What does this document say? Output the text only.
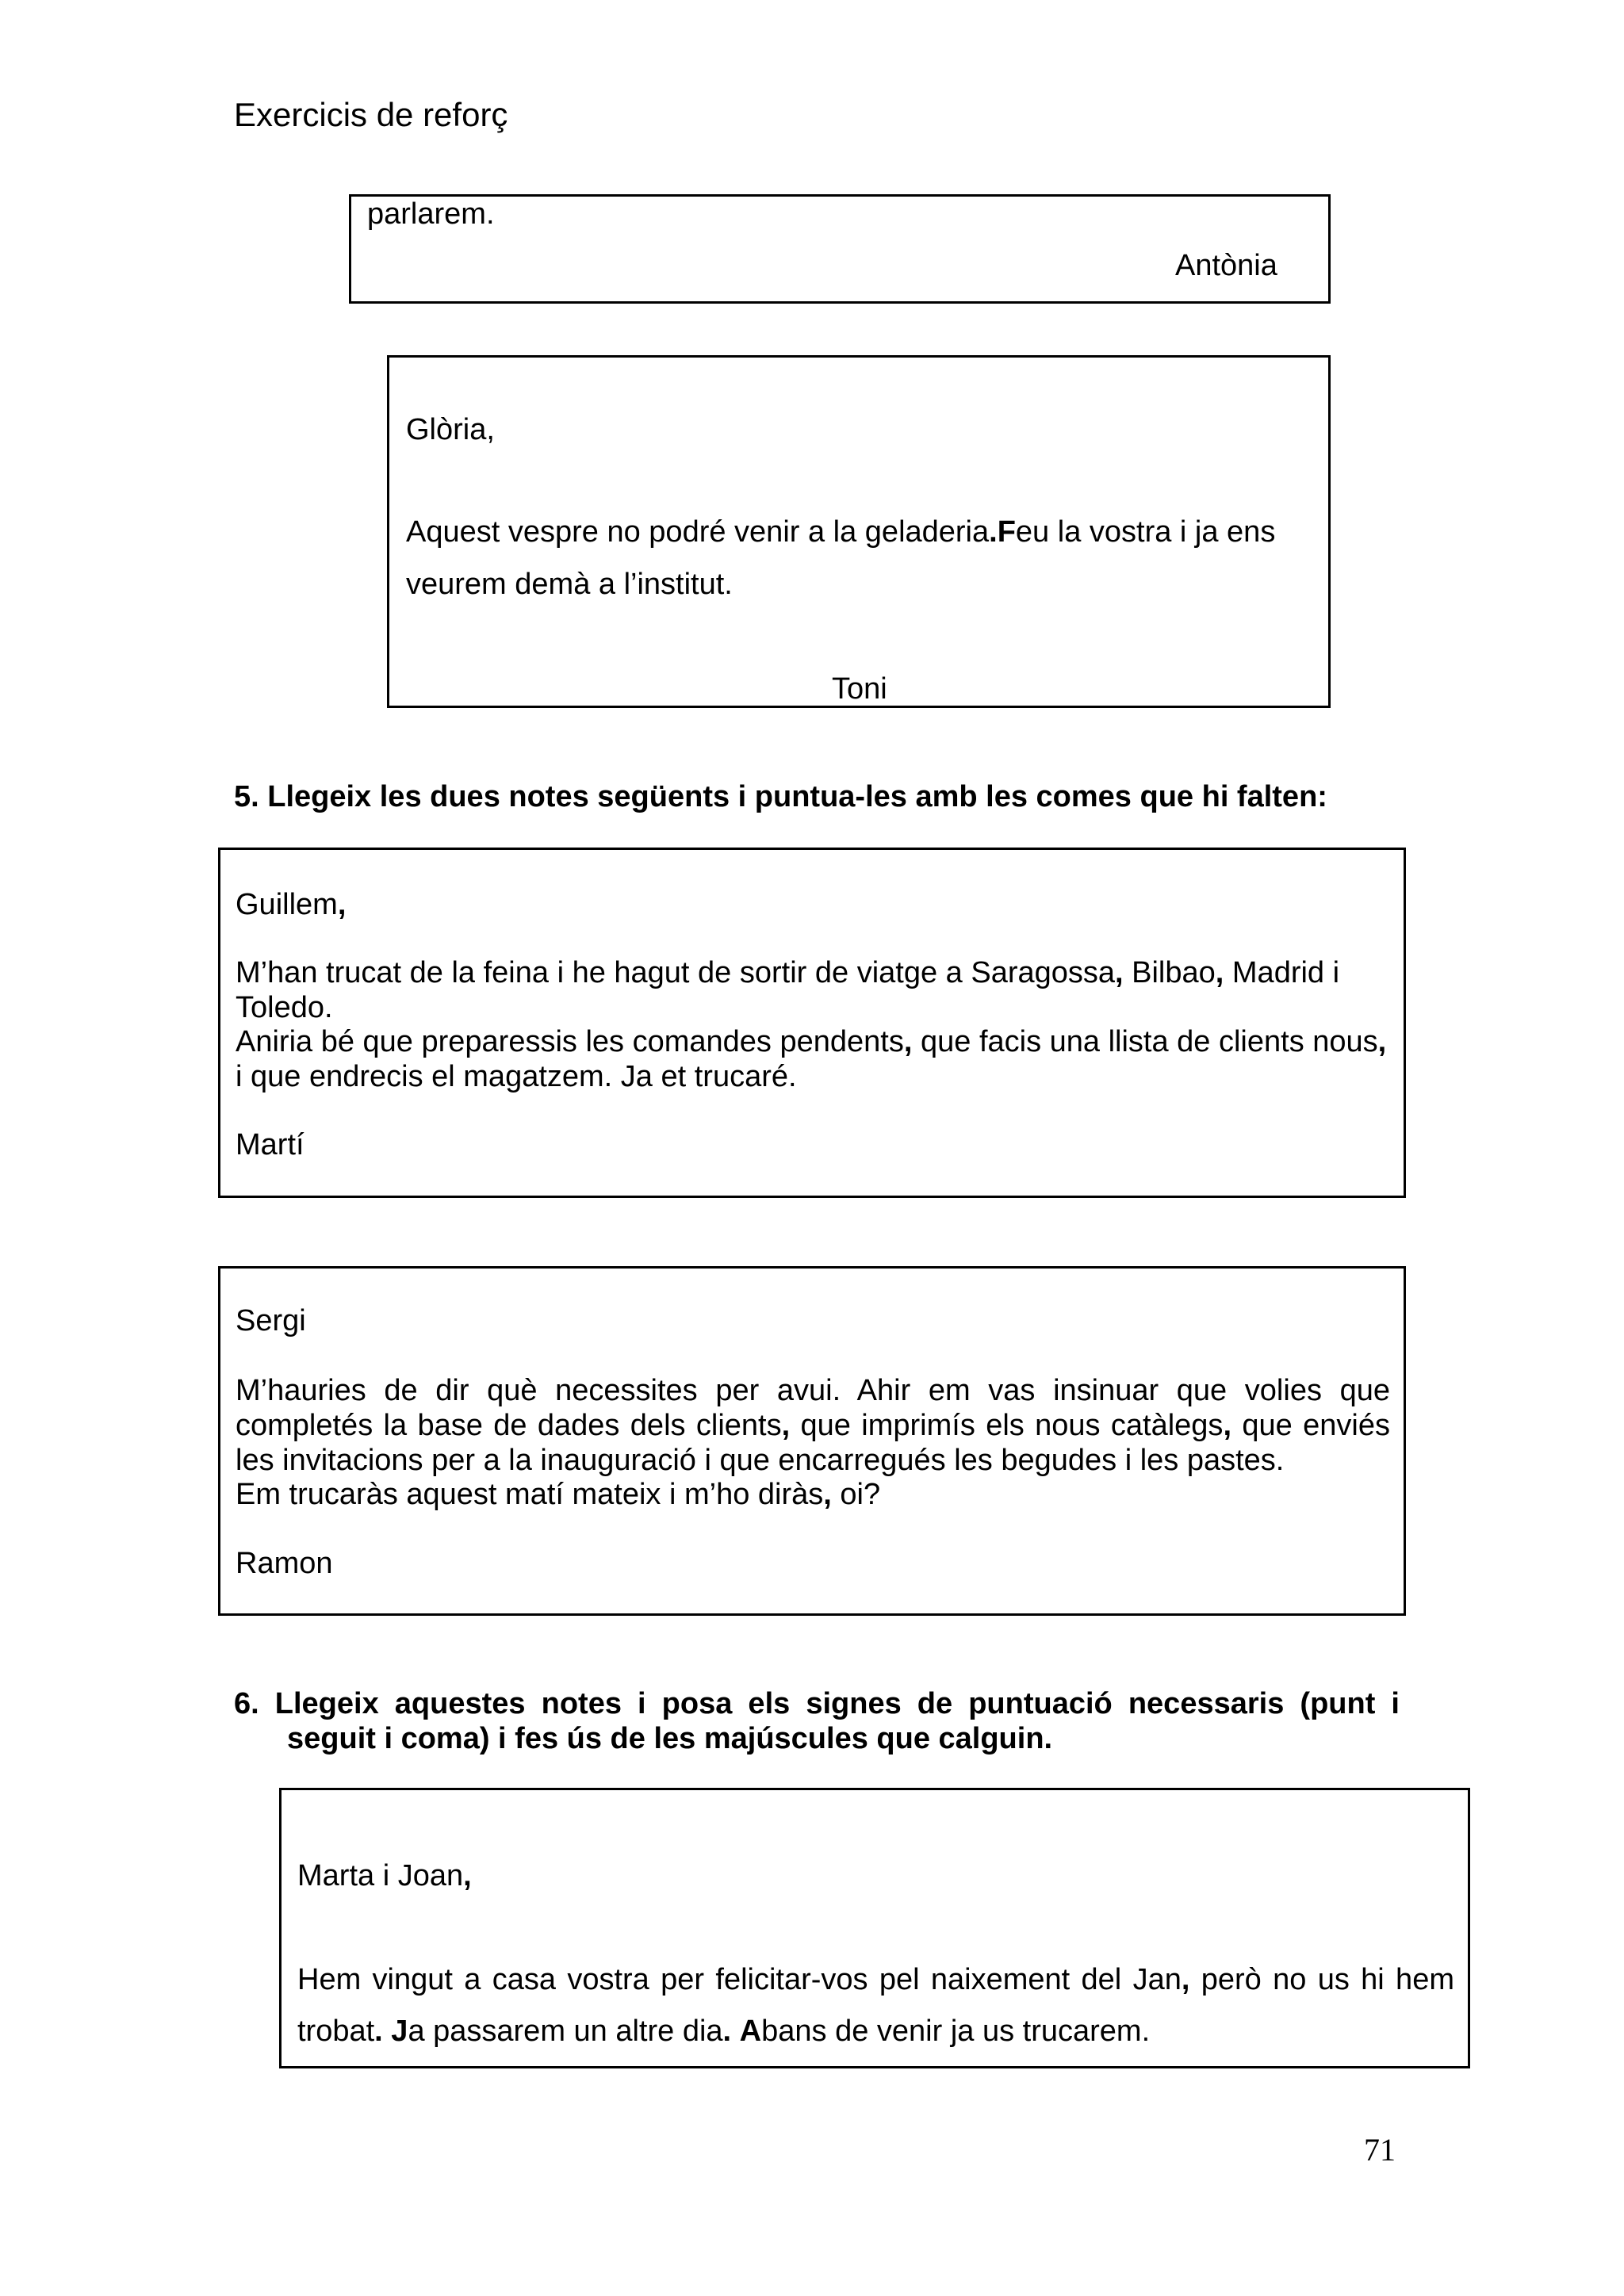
Exercicis de reforç
parlarem.
Antònia
Glòria,
Aquest vespre no podré venir a la geladeria.Feu la vostra i ja ens
veurem demà a l’institut.
Toni
5. Llegeix les dues notes següents i puntua-les amb les comes que hi falten:
Guillem,
M’han trucat de la feina i he hagut de sortir de viatge a Saragossa, Bilbao, Madrid i
Toledo.
Aniria bé que preparessis les comandes pendents, que facis una llista de clients nous,
i que endrecis el magatzem. Ja et trucaré.
Martí
Sergi
M’hauries de dir què necessites per avui. Ahir em vas insinuar que volies que
completés la base de dades dels clients, que imprimís els nous catàlegs, que enviés
les invitacions per a la inauguració i que encarregués les begudes i les pastes.
Em trucaràs aquest matí mateix i m’ho diràs, oi?
Ramon
6. Llegeix aquestes notes i posa els signes de puntuació necessaris (punt i
seguit i coma) i fes ús de les majúscules que calguin.
Marta i Joan,
Hem vingut a casa vostra per felicitar-vos pel naixement del Jan, però no us hi hem
trobat. Ja passarem un altre dia. Abans de venir ja us trucarem.
71
